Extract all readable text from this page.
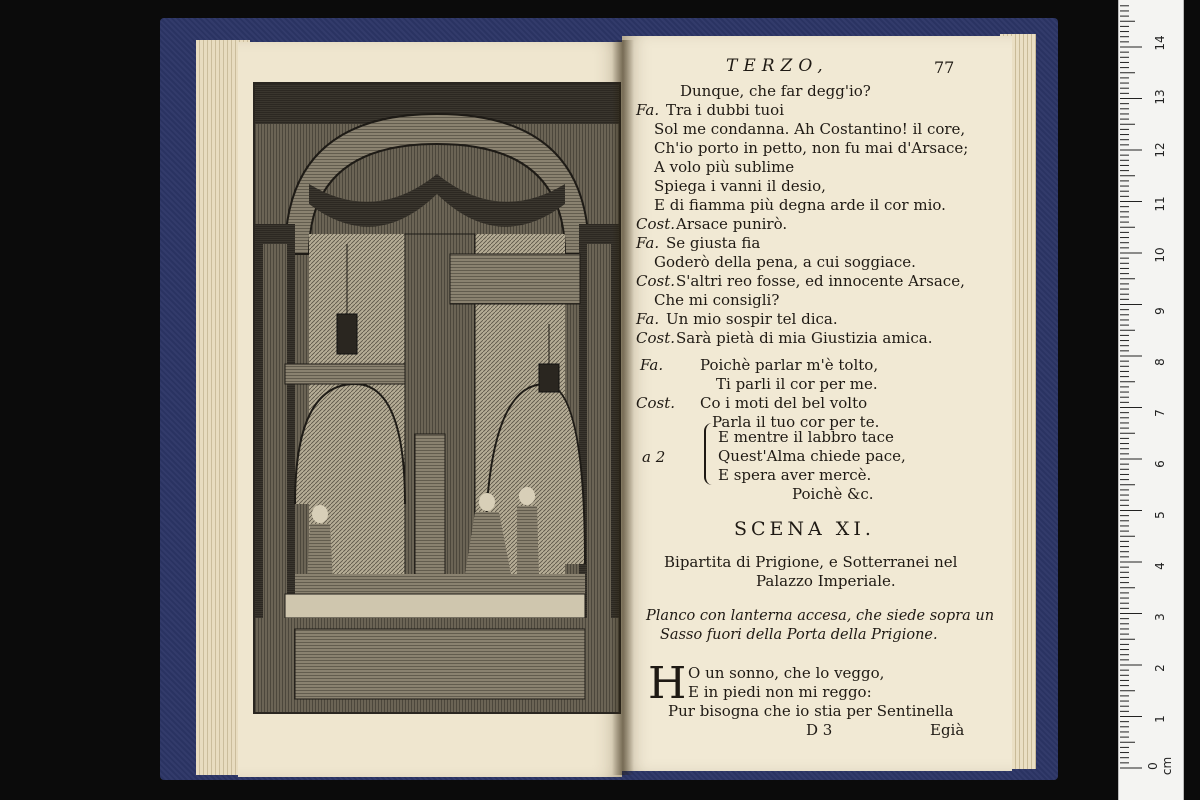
TERZO,	77
Dunque, che far degg'io?
Fa. Tra i dubbi tuoi
Sol me condanna. Ah Costantino! il core,
Ch'io porto in petto, non fu mai d'Arsace;
A volo più sublime
Spiega i vanni il desio,
E di fiamma più degna arde il cor mio.
Cost. Arsace punirò.
Fa. Se giusta fia
Goderò della pena, a cui soggiace.
Cost. S'altri reo fosse, ed innocente Arsace,
Che mi consigli?
Fa. Un mio sospir tel dica.
Cost. Sarà pietà di mia Giustizia amica.
Fa. Poichè parlar m'è tolto,
Ti parli il cor per me.
Cost. Co i moti del bel volto
Parla il tuo cor per te.
a 2
E mentre il labbro tace
Quest'Alma chiede pace,
E spera aver mercè.
Poichè &c.
SCENA XI.
Bipartita di Prigione, e Sotterranei nel
Palazzo Imperiale.
Planco con lanterna accesa, che siede sopra un
Sasso fuori della Porta della Prigione.
H O un sonno, che lo veggo,
E in piedi non mi reggo:
Pur bisogna che io stia per Sentinella
D 3	Egià
0 cm
1
2
3
4
5
6
7
8
9
10
11
12
13
14
